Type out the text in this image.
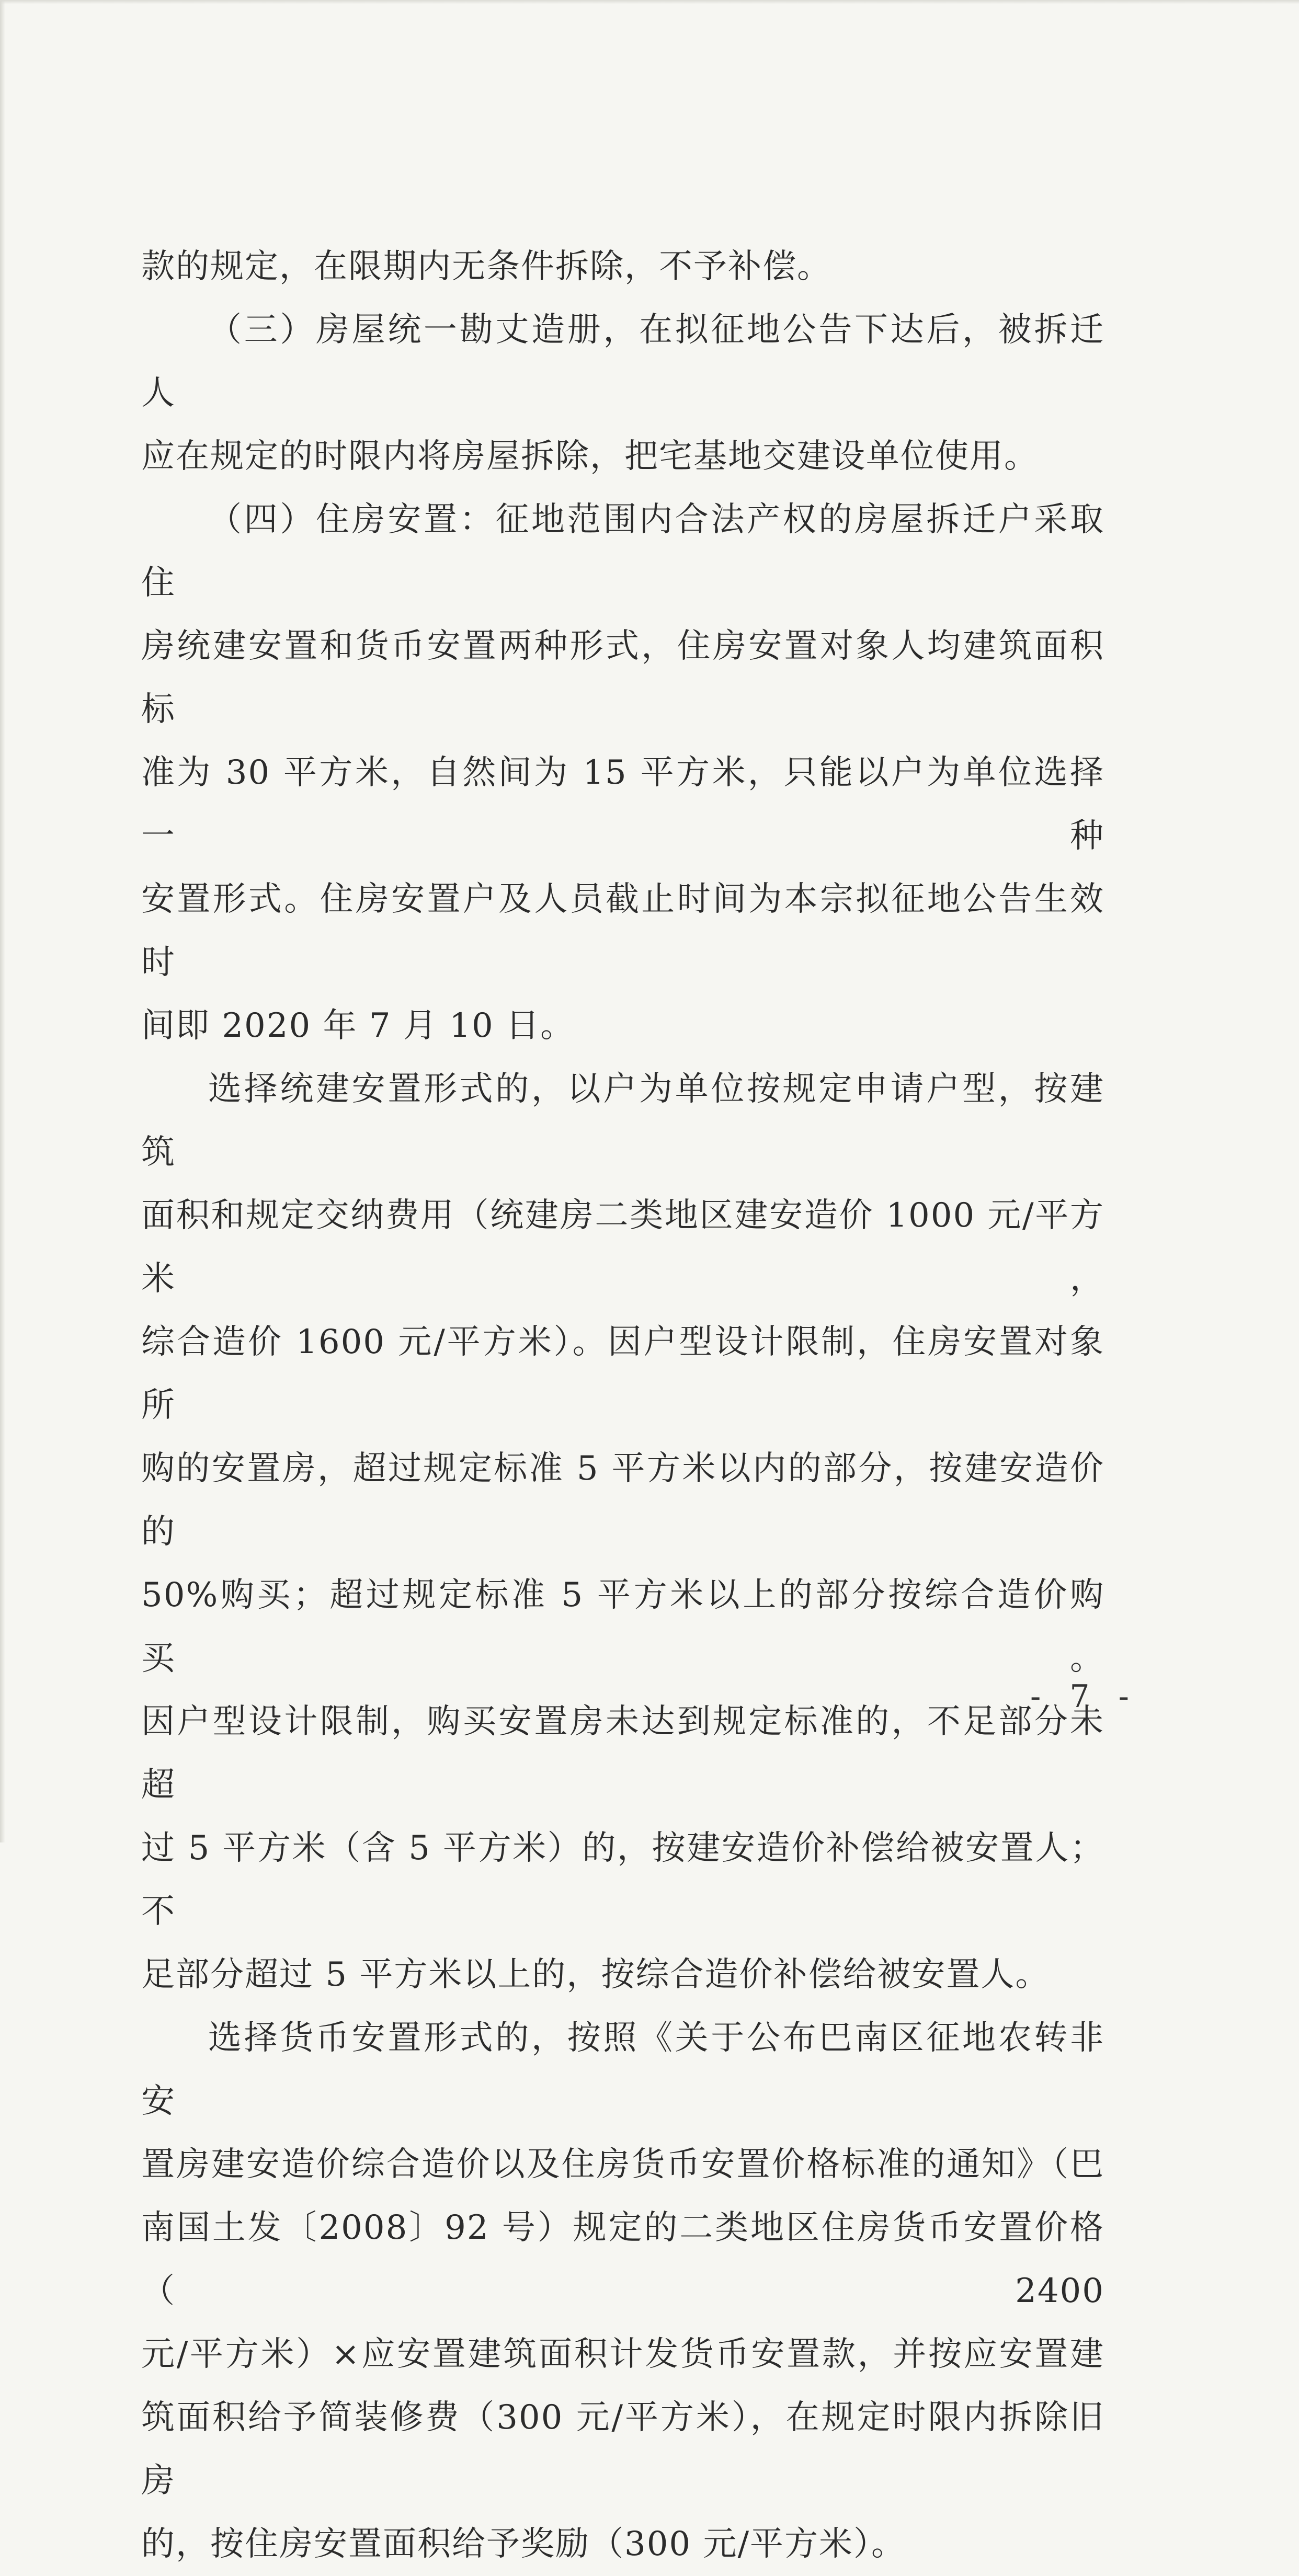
款的规定，在限期内无条件拆除，不予补偿。

（三）房屋统一勘丈造册，在拟征地公告下达后，被拆迁人

应在规定的时限内将房屋拆除，把宅基地交建设单位使用。

（四）住房安置：征地范围内合法产权的房屋拆迁户采取住

房统建安置和货币安置两种形式，住房安置对象人均建筑面积标

准为 30 平方米，自然间为 15 平方米，只能以户为单位选择一种

安置形式。住房安置户及人员截止时间为本宗拟征地公告生效时

间即 2020 年 7 月 10 日。

选择统建安置形式的，以户为单位按规定申请户型，按建筑

面积和规定交纳费用（统建房二类地区建安造价 1000 元/平方米，

综合造价 1600 元/平方米）。因户型设计限制，住房安置对象所

购的安置房，超过规定标准 5 平方米以内的部分，按建安造价的

50%购买；超过规定标准 5 平方米以上的部分按综合造价购买。

因户型设计限制，购买安置房未达到规定标准的，不足部分未超

过 5 平方米（含 5 平方米）的，按建安造价补偿给被安置人；不

足部分超过 5 平方米以上的，按综合造价补偿给被安置人。

选择货币安置形式的，按照《关于公布巴南区征地农转非安

置房建安造价综合造价以及住房货币安置价格标准的通知》（巴

南国土发〔2008〕92 号）规定的二类地区住房货币安置价格（2400

元/平方米）×应安置建筑面积计发货币安置款，并按应安置建

筑面积给予简装修费（300 元/平方米），在规定时限内拆除旧房

的，按住房安置面积给予奖励（300 元/平方米）。

- 7 -
